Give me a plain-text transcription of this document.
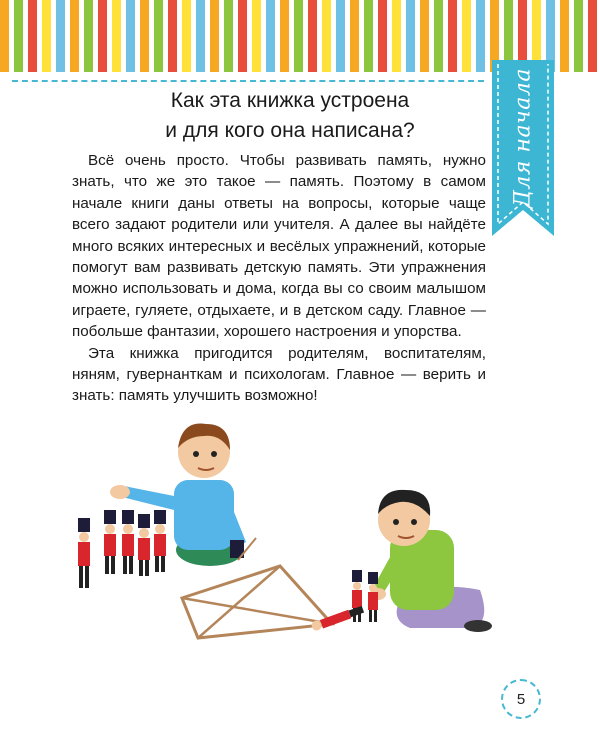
Для начала
Как эта книжка устроена
и для кого она написана?

Всё очень просто. Чтобы развивать память, нужно знать, что же это такое — память. Поэтому в самом начале книги даны ответы на вопросы, которые чаще всего задают родители или учителя. А далее вы найдёте много всяких интересных и весёлых упражнений, которые помогут вам развивать детскую память. Эти упражнения можно использовать и дома, когда вы со своим малышом играете, гуляете, отдыхаете, и в детском саду. Главное — побольше фантазии, хорошего настроения и упорства.

Эта книжка пригодится родителям, воспитателям, няням, гувернанткам и психологам. Главное — верить и знать: память улучшить возможно!

5
